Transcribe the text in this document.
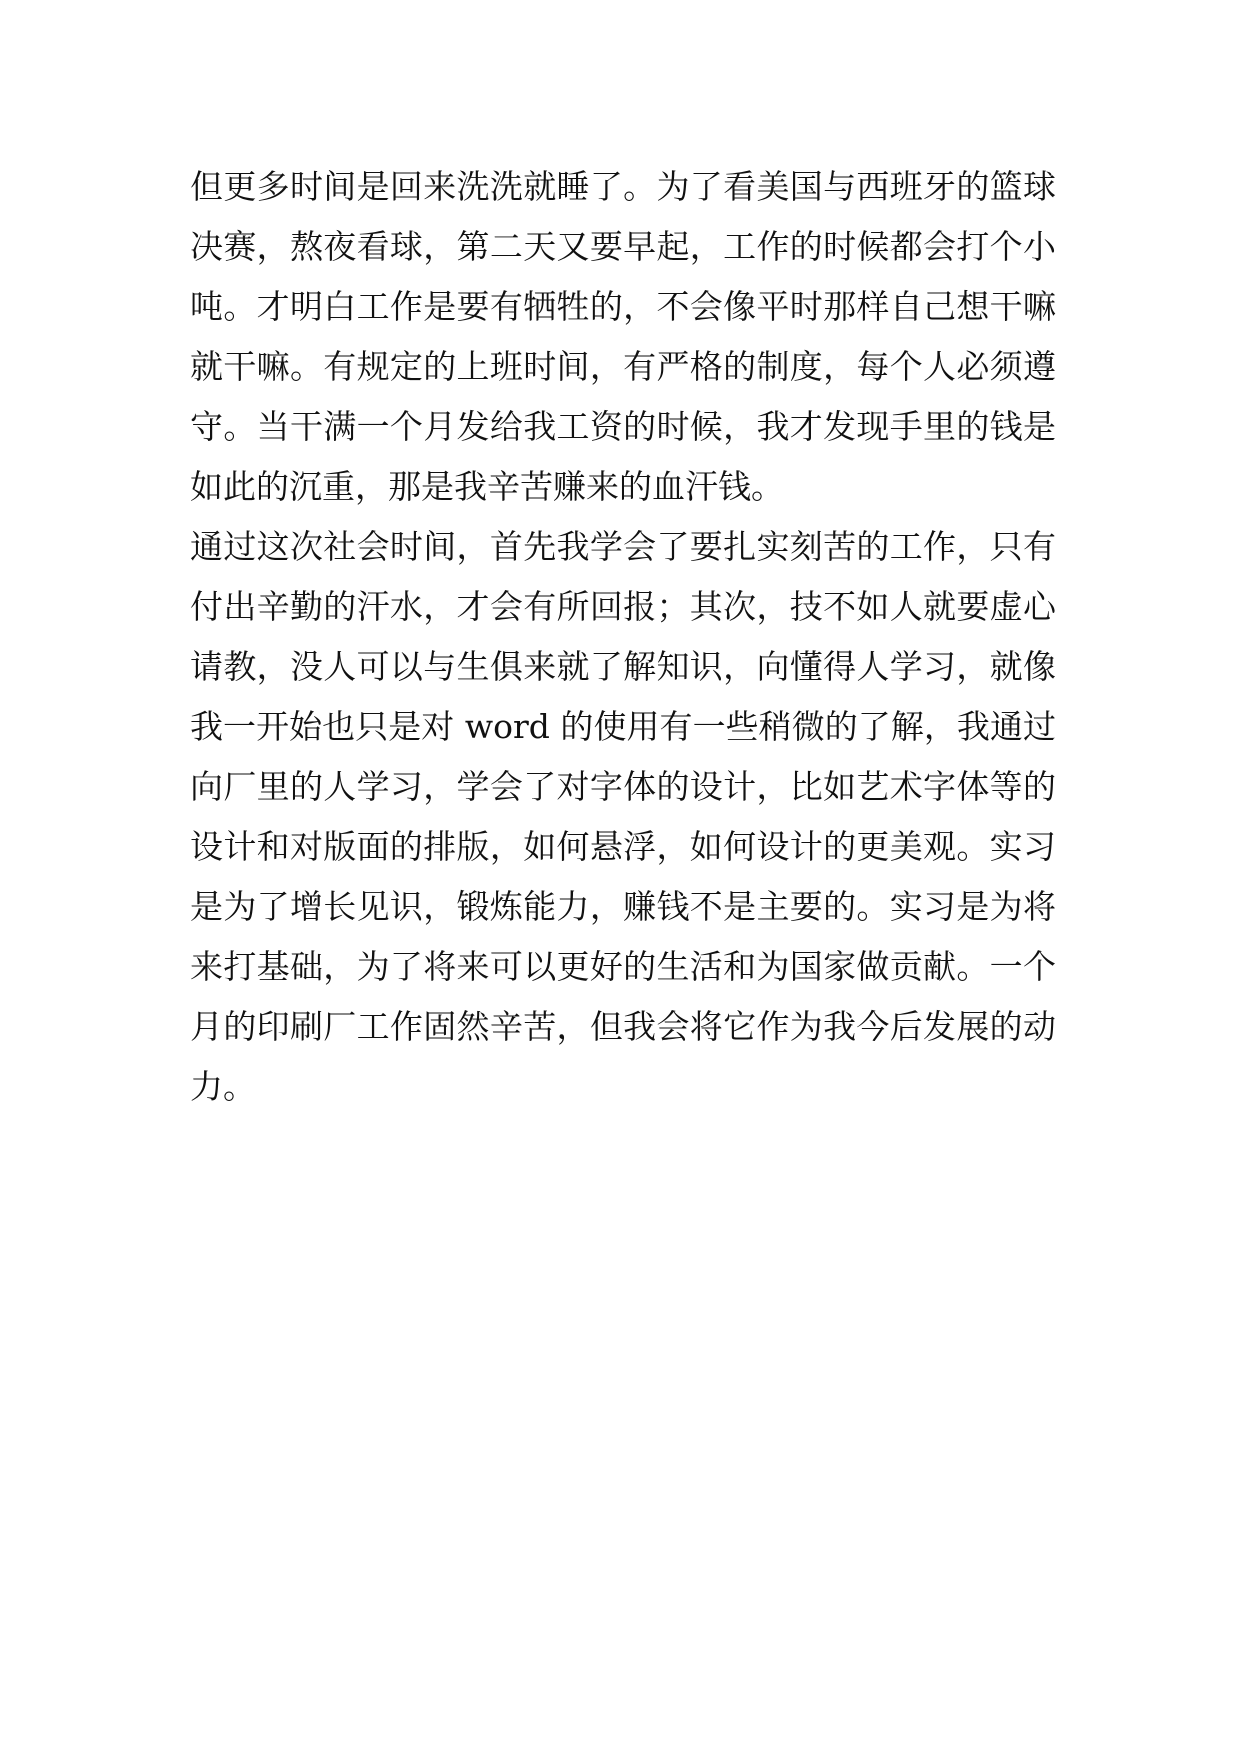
但更多时间是回来洗洗就睡了。为了看美国与西班牙的篮球
决赛，熬夜看球，第二天又要早起，工作的时候都会打个小
吨。才明白工作是要有牺牲的，不会像平时那样自己想干嘛
就干嘛。有规定的上班时间，有严格的制度，每个人必须遵
守。当干满一个月发给我工资的时候，我才发现手里的钱是
如此的沉重，那是我辛苦赚来的血汗钱。
通过这次社会时间，首先我学会了要扎实刻苦的工作，只有
付出辛勤的汗水，才会有所回报；其次，技不如人就要虚心
请教，没人可以与生俱来就了解知识，向懂得人学习，就像
我一开始也只是对 word 的使用有一些稍微的了解，我通过
向厂里的人学习，学会了对字体的设计，比如艺术字体等的
设计和对版面的排版，如何悬浮，如何设计的更美观。实习
是为了增长见识，锻炼能力，赚钱不是主要的。实习是为将
来打基础，为了将来可以更好的生活和为国家做贡献。一个
月的印刷厂工作固然辛苦，但我会将它作为我今后发展的动
力。
